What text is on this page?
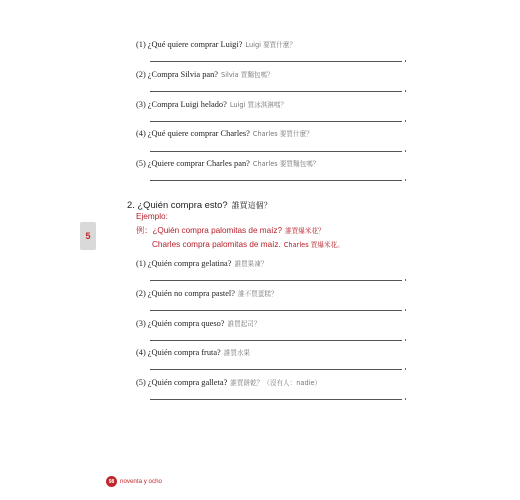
(1) ¿Qué quiere comprar Luigi? Luigi 要買什麼？
(2) ¿Compra Silvia pan? Silvia 買麵包嗎？
(3) ¿Compra Luigi helado? Luigi 買冰淇淋嗎？
(4) ¿Qué quiere comprar Charles? Charles 要買什麼？
(5) ¿Quiere comprar Charles pan? Charles 要買麵包嗎？
2. ¿Quién compra esto? 誰買這個？
Ejemplo:
例：¿Quién compra palomitas de maíz? 誰買爆米花？
Charles compra palomitas de maíz. Charles 買爆米花。
(1) ¿Quién compra gelatina? 誰買果凍？
(2) ¿Quién no compra pastel? 誰不買蛋糕？
(3) ¿Quién compra queso? 誰買起司？
(4) ¿Quién compra fruta? 誰買水果
(5) ¿Quién compra galleta? 誰買餅乾？（沒有人：nadie）
5
98 noventa y ocho
